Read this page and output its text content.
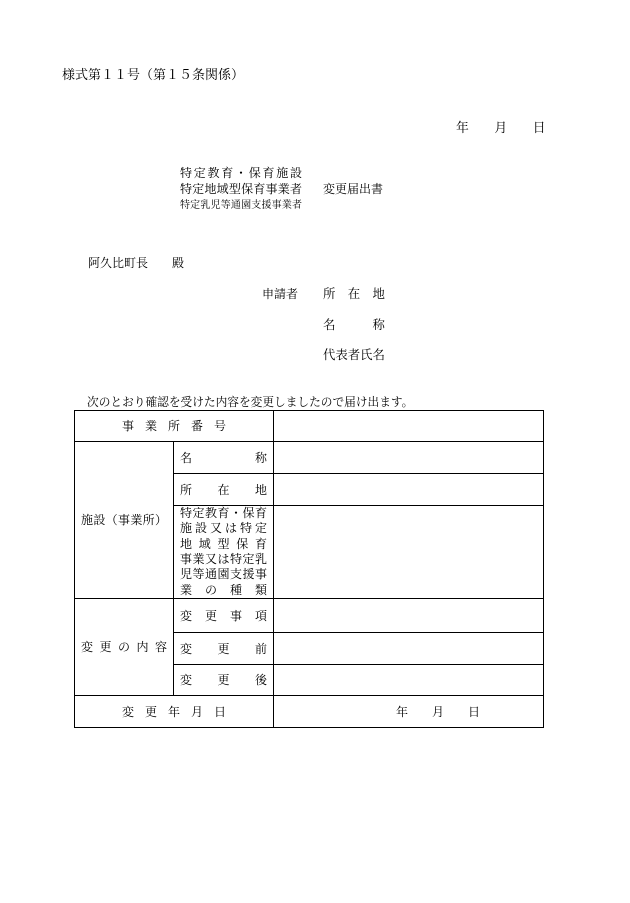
様式第１１号（第１５条関係）
年　　月　　日
特定教育・保育施設
特定地域型保育事業者
特定乳児等通園支援事業者
変更届出書
阿久比町長　　殿
申請者 所　在　地
名　　　称
代表者氏名
次のとおり確認を受けた内容を変更しましたので届け出ます。
事業所番号
施設（事業所）
名称
所在地
特定教育・保育
施設又は特定
地域型保育
事業又は特定乳
児等通園支援事
業の種類
変更の内容
変更事項
変更前
変更後
変更年月日	年　　月　　日
